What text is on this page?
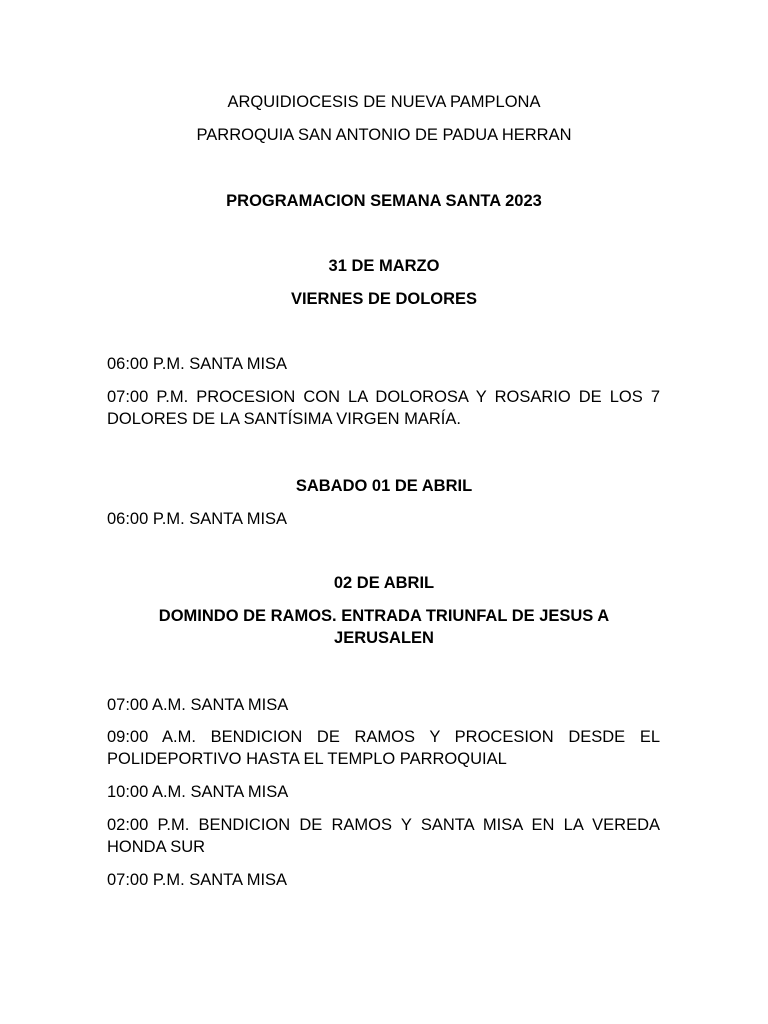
ARQUIDIOCESIS DE NUEVA PAMPLONA
PARROQUIA SAN ANTONIO DE PADUA HERRAN
PROGRAMACION SEMANA SANTA 2023
31 DE MARZO
VIERNES DE DOLORES
06:00 P.M. SANTA MISA
07:00 P.M. PROCESION CON LA DOLOROSA Y ROSARIO DE LOS 7 DOLORES DE LA SANTÍSIMA VIRGEN MARÍA.
SABADO 01 DE ABRIL
06:00 P.M. SANTA MISA
02 DE ABRIL
DOMINDO DE RAMOS. ENTRADA TRIUNFAL DE JESUS A JERUSALEN
07:00 A.M. SANTA MISA
09:00 A.M. BENDICION DE RAMOS Y PROCESION DESDE EL POLIDEPORTIVO HASTA EL TEMPLO PARROQUIAL
10:00 A.M. SANTA MISA
02:00 P.M. BENDICION DE RAMOS Y SANTA MISA EN LA VEREDA HONDA SUR
07:00 P.M. SANTA MISA
